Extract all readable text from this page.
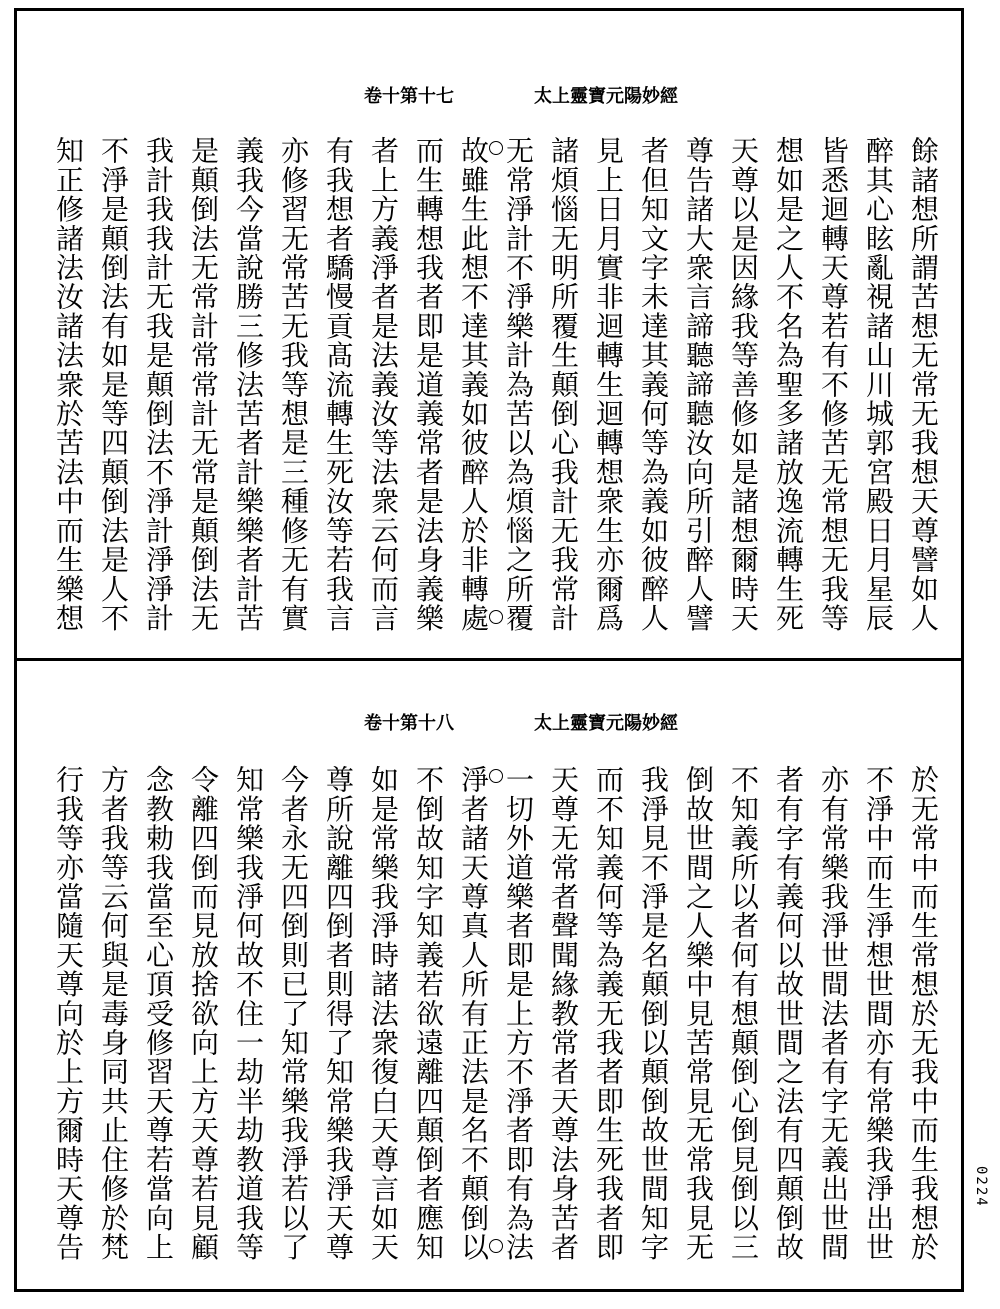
卷十第十七	太上靈寶元陽妙經
餘諸想所謂苦想无常无我想天尊譬如人
醉其心眩亂視諸山川城郭宮殿日月星辰
皆悉迴轉天尊若有不修苦无常想无我等
想如是之人不名為聖多諸放逸流轉生死
天尊以是因緣我等善修如是諸想爾時天
尊告諸大衆言諦聽諦聽汝向所引醉人譬
者但知文字未達其義何等為義如彼醉人
見上日月實非迴轉生迴轉想衆生亦爾爲
諸煩惱无明所覆生顛倒心我計无我常計
无常淨計不淨樂計為苦以為煩惱之所覆
故雖生此想不達其義如彼醉人於非轉處
而生轉想我者即是道義常者是法身義樂
者上方義淨者是法義汝等法衆云何而言
有我想者驕慢貢髙流轉生死汝等若我言
亦修習无常苦无我等想是三種修无有實
義我今當說勝三修法苦者計樂樂者計苦
是顛倒法无常計常常計无常是顛倒法无
我計我我計无我是顛倒法不淨計淨淨計
不淨是顛倒法有如是等四顛倒法是人不
知正修諸法汝諸法衆於苦法中而生樂想
卷十第十八	太上靈寶元陽妙經
於无常中而生常想於无我中而生我想於
不淨中而生淨想世間亦有常樂我淨出世
亦有常樂我淨世間法者有字无義出世間
者有字有義何以故世間之法有四顛倒故
不知義所以者何有想顛倒心倒見倒以三
倒故世間之人樂中見苦常見无常我見无
我淨見不淨是名顛倒以顛倒故世間知字
而不知義何等為義无我者即生死我者即
天尊无常者聲聞緣教常者天尊法身苦者
一切外道樂者即是上方不淨者即有為法
淨者諸天尊真人所有正法是名不顛倒以
不倒故知字知義若欲遠離四顛倒者應知
如是常樂我淨時諸法衆復白天尊言如天
尊所說離四倒者則得了知常樂我淨天尊
今者永无四倒則已了知常樂我淨若以了
知常樂我淨何故不住一劫半劫教道我等
令離四倒而見放捨欲向上方天尊若見顧
念教勅我當至心頂受修習天尊若當向上
方者我等云何與是毒身同共止住修於梵
行我等亦當隨天尊向於上方爾時天尊告	0224
